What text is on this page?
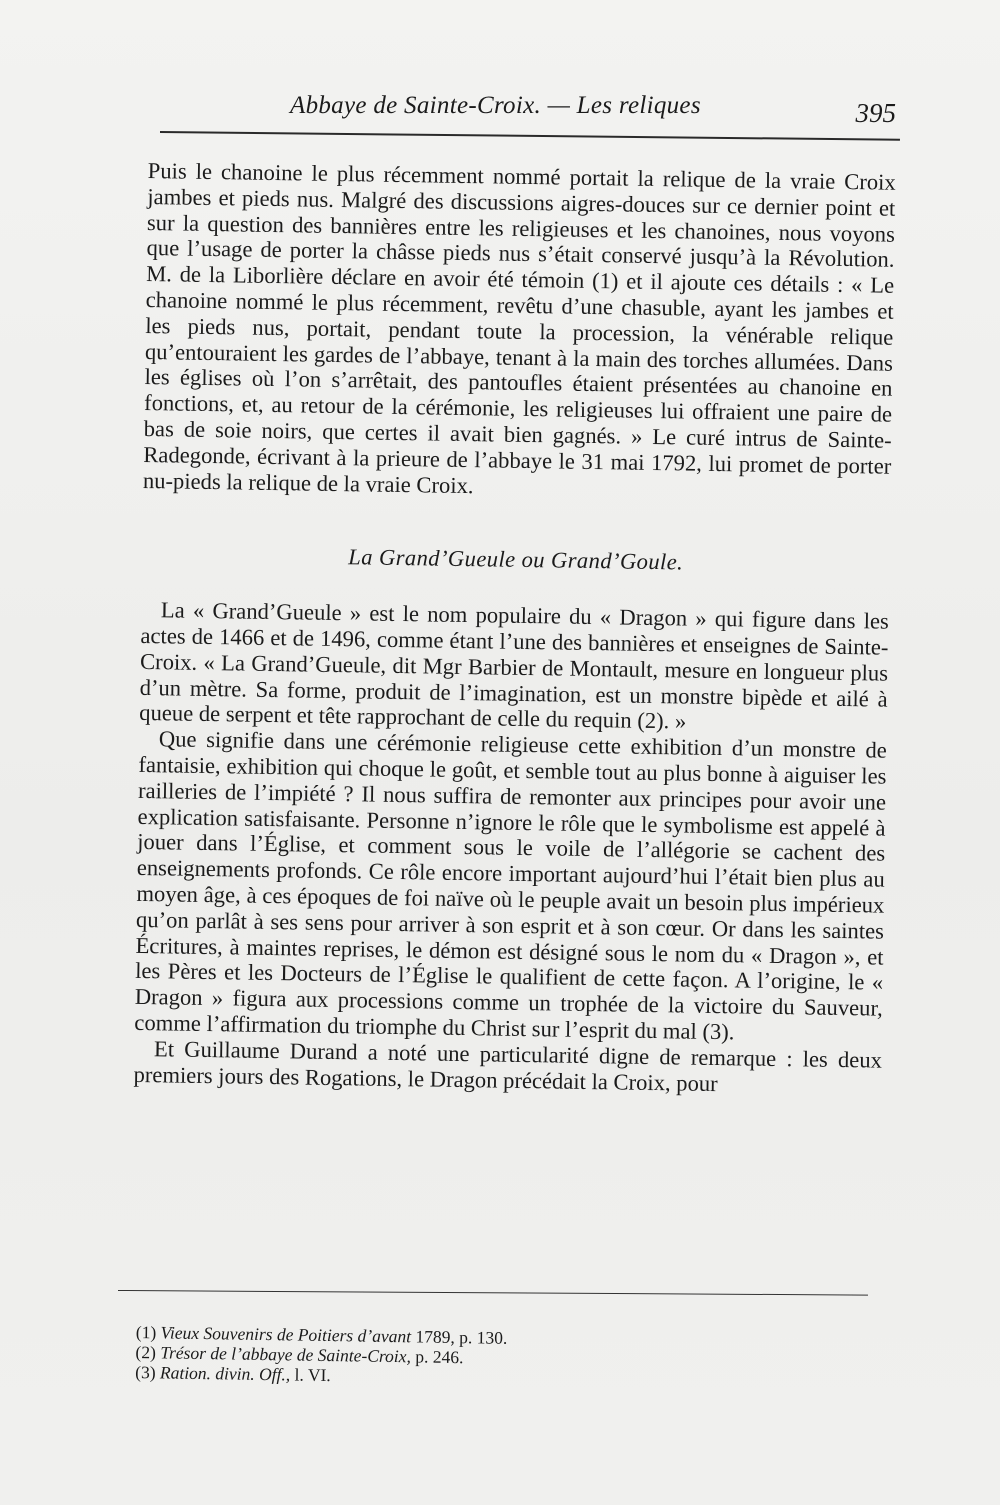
Abbaye de Sainte-Croix. — Les reliques	395

Puis le chanoine le plus récemment nommé portait la relique de la vraie Croix jambes et pieds nus. Malgré des discussions aigres-douces sur ce dernier point et sur la question des bannières entre les religieuses et les chanoines, nous voyons que l’usage de porter la châsse pieds nus s’était conservé jusqu’à la Révolution. M. de la Liborlière déclare en avoir été témoin (1) et il ajoute ces détails : « Le chanoine nommé le plus récemment, revêtu d’une chasuble, ayant les jambes et les pieds nus, portait, pendant toute la procession, la vénérable relique qu’entouraient les gardes de l’abbaye, tenant à la main des torches allumées. Dans les églises où l’on s’arrêtait, des pantoufles étaient présentées au chanoine en fonctions, et, au retour de la cérémonie, les religieuses lui offraient une paire de bas de soie noirs, que certes il avait bien gagnés. » Le curé intrus de Sainte-Radegonde, écrivant à la prieure de l’abbaye le 31 mai 1792, lui promet de porter nu-pieds la relique de la vraie Croix.

La Grand’Gueule ou Grand’Goule.

La « Grand’Gueule » est le nom populaire du « Dragon » qui figure dans les actes de 1466 et de 1496, comme étant l’une des bannières et enseignes de Sainte-Croix. « La Grand’Gueule, dit Mgr Barbier de Montault, mesure en longueur plus d’un mètre. Sa forme, produit de l’imagination, est un monstre bipède et ailé à queue de serpent et tête rapprochant de celle du requin (2). »

Que signifie dans une cérémonie religieuse cette exhibition d’un monstre de fantaisie, exhibition qui choque le goût, et semble tout au plus bonne à aiguiser les railleries de l’impiété ? Il nous suffira de remonter aux principes pour avoir une explication satisfaisante. Personne n’ignore le rôle que le symbolisme est appelé à jouer dans l’Église, et comment sous le voile de l’allégorie se cachent des enseignements profonds. Ce rôle encore important aujourd’hui l’était bien plus au moyen âge, à ces époques de foi naïve où le peuple avait un besoin plus impérieux qu’on parlât à ses sens pour arriver à son esprit et à son cœur. Or dans les saintes Écritures, à maintes reprises, le démon est désigné sous le nom du « Dragon », et les Pères et les Docteurs de l’Église le qualifient de cette façon. A l’origine, le « Dragon » figura aux processions comme un trophée de la victoire du Sauveur, comme l’affirmation du triomphe du Christ sur l’esprit du mal (3).

Et Guillaume Durand a noté une particularité digne de remarque : les deux premiers jours des Rogations, le Dragon précédait la Croix, pour

(1) Vieux Souvenirs de Poitiers d’avant 1789, p. 130.
(2) Trésor de l’abbaye de Sainte-Croix, p. 246.
(3) Ration. divin. Off., l. VI.
